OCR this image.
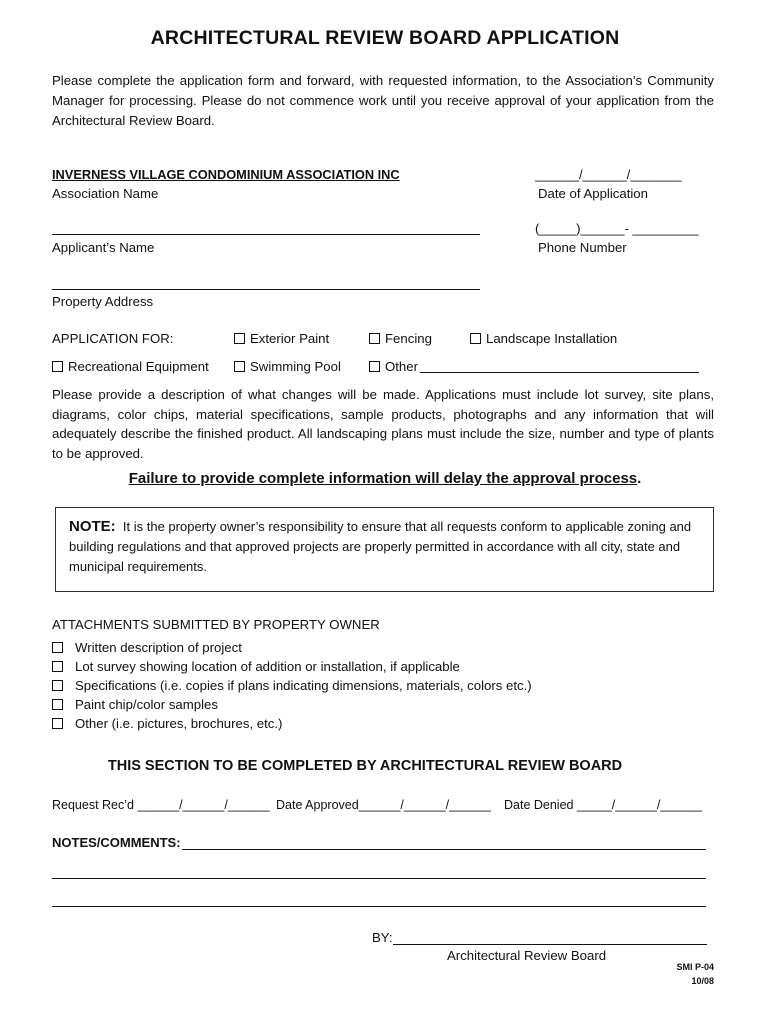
ARCHITECTURAL REVIEW BOARD APPLICATION
Please complete the application form and forward, with requested information, to the Association’s Community Manager for processing. Please do not commence work until you receive approval of your application from the Architectural Review Board.
INVERNESS VILLAGE CONDOMINIUM ASSOCIATION INC
Association Name
______/______/_______
Date of Application
Applicant’s Name
(_____)______- _________
Phone Number
Property Address
APPLICATION FOR:	Exterior Paint	Fencing	Landscape Installation
Recreational Equipment	Swimming Pool	Other
Please provide a description of what changes will be made. Applications must include lot survey, site plans, diagrams, color chips, material specifications, sample products, photographs and any information that will adequately describe the finished product. All landscaping plans must include the size, number and type of plants to be approved.
Failure to provide complete information will delay the approval process.
NOTE: It is the property owner’s responsibility to ensure that all requests conform to applicable zoning and building regulations and that approved projects are properly permitted in accordance with all city, state and municipal requirements.
ATTACHMENTS SUBMITTED BY PROPERTY OWNER
Written description of project
Lot survey showing location of addition or installation, if applicable
Specifications (i.e. copies if plans indicating dimensions, materials, colors etc.)
Paint chip/color samples
Other (i.e. pictures, brochures, etc.)
THIS SECTION TO BE COMPLETED BY ARCHITECTURAL REVIEW BOARD
Request Rec’d ______/______/______ Date Approved______/______/______ Date Denied _____/______/______
NOTES/COMMENTS:
BY:
Architectural Review Board
SMI P-04
10/08
